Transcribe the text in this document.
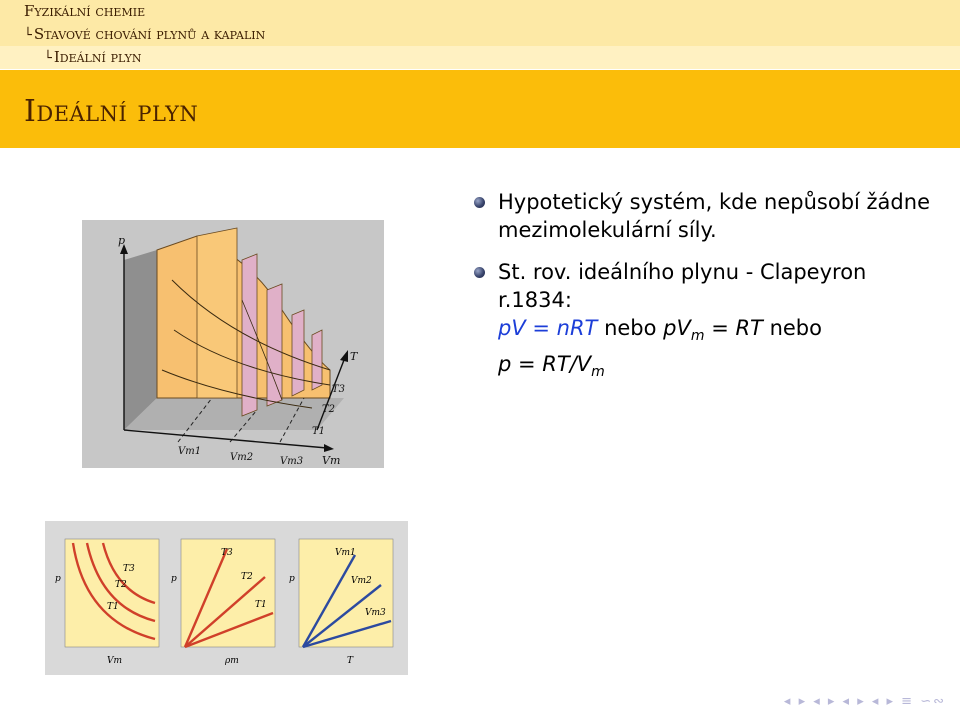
Fyzikální chemie
└ Stavové chování plynů a kapalin
└ Ideální plyn
Ideální plyn
Hypotetický systém, kde nepůsobí žádne mezimolekulární síly.
St. rov. ideálního plynu - Clapeyron r.1834:
pV = nRT nebo $pV_m$ = RT nebo
$p = RT/V_m$
p
T
T3
T2
T1
Vm1
Vm2	Vm3 Vm
p
Vm
T3
T2
T1
p
ρm
T3
T2
T1
p
T
Vm1
Vm2
Vm3
◂ ▸ ◂ ▸ ◂ ▸ ◂ ▸ ≡ ∽∾
